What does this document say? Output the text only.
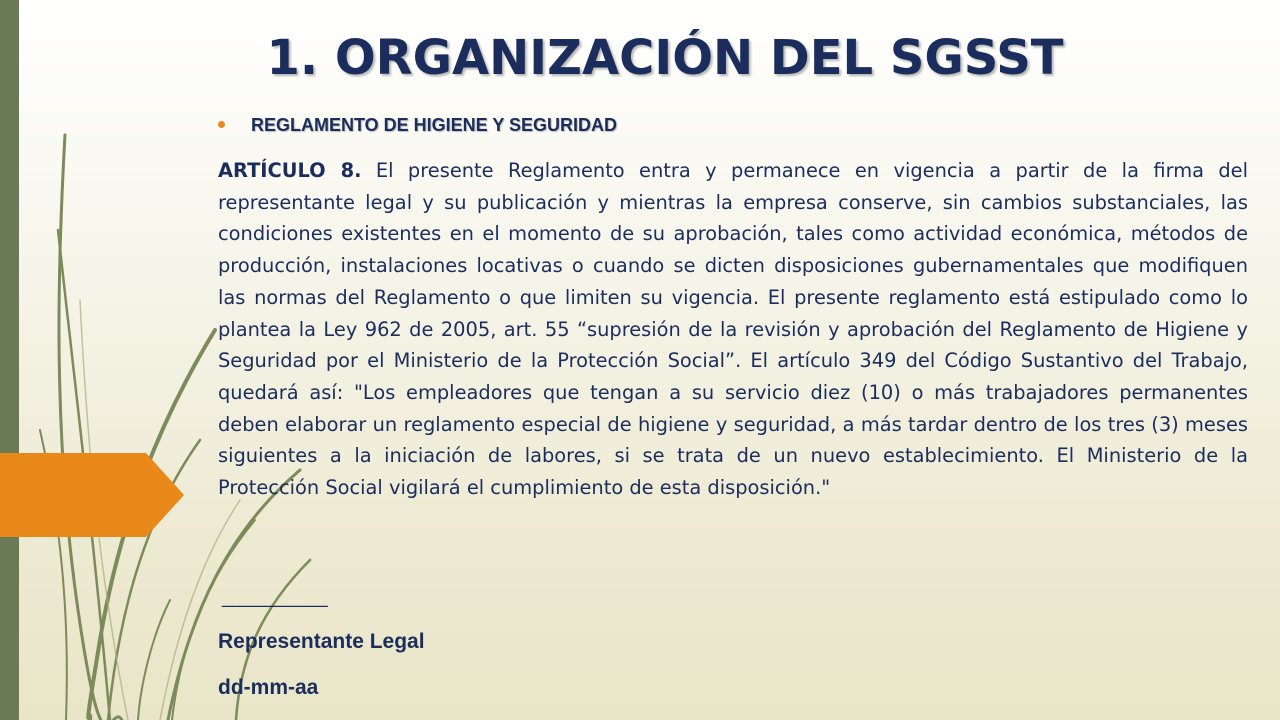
1. ORGANIZACIÓN DEL SGSST
REGLAMENTO DE HIGIENE Y SEGURIDAD

ARTÍCULO 8. El presente Reglamento entra y permanece en vigencia a partir de la firma del representante legal y su publicación y mientras la empresa conserve, sin cambios substanciales, las condiciones existentes en el momento de su aprobación, tales como actividad económica, métodos de producción, instalaciones locativas o cuando se dicten disposiciones gubernamentales que modifiquen las normas del Reglamento o que limiten su vigencia. El presente reglamento está estipulado como lo plantea la Ley 962 de 2005, art. 55 “supresión de la revisión y aprobación del Reglamento de Higiene y Seguridad por el Ministerio de la Protección Social”. El artículo 349 del Código Sustantivo del Trabajo, quedará así: "Los empleadores que tengan a su servicio diez (10) o más trabajadores permanentes deben elaborar un reglamento especial de higiene y seguridad, a más tardar dentro de los tres (3) meses siguientes a la iniciación de labores, si se trata de un nuevo establecimiento. El Ministerio de la Protección Social vigilará el cumplimiento de esta disposición."

__________
Representante Legal
dd-mm-aa
